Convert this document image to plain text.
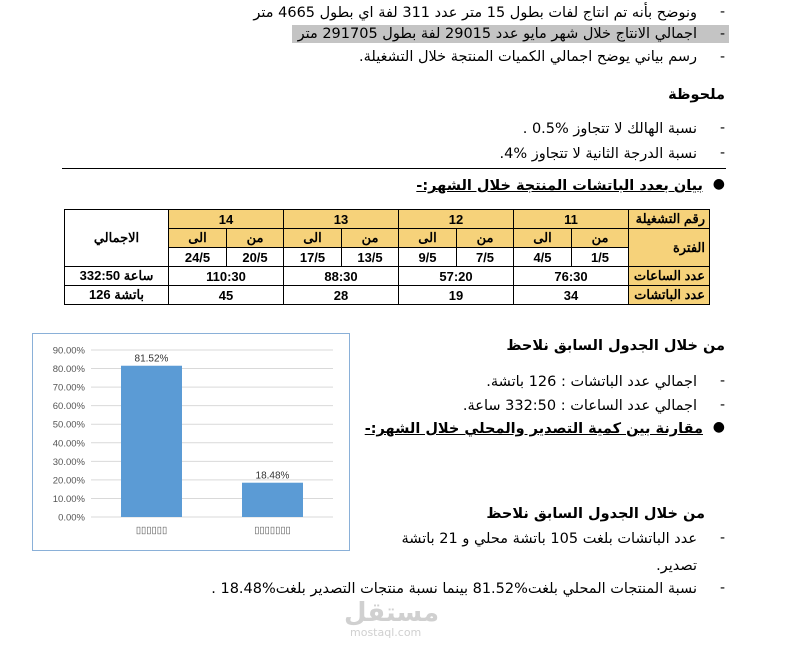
ونوضح بأنه تم انتاج لفات بطول 15 متر عدد 311 لفة اي بطول 4665 متر -
اجمالي الانتاج خلال شهر مايو عدد 29015 لفة بطول 291705 متر	-
رسم بياني يوضح اجمالي الكميات المنتجة خلال التشغيلة. -
ملحوظة
نسبة الهالك لا تتجاوز %0.5 . -
نسبة الدرجة الثانية لا تتجاوز %4. -
بيان بعدد الباتشات المنتجة خلال الشهر:- ●
الاجمالي	14		13		12		11		رقم التشغيلة
	الى	من	الى	من	الى	من	الى	من	الفترة
	24/5	20/5	17/5	13/5	9/5	7/5	4/5	1/5	
332:50 ساعة	110:30		88:30		57:20		76:30		عدد الساعات
126 باتشة	45		28		19		34		عدد الباتشات
0.00%
10.00%
20.00%
30.00%
40.00%
50.00%
60.00%
70.00%
80.00%
90.00%
81.52%
▯▯▯▯▯▯
18.48%
▯▯▯▯▯▯▯
من خلال الجدول السابق نلاحظ
اجمالي عدد الباتشات : 126 باتشة. -
اجمالي عدد الساعات : 332:50 ساعة. -
مقارنة بين كمية التصدير والمحلي خلال الشهر:- ●
من خلال الجدول السابق نلاحظ
عدد الباتشات بلغت 105 باتشة محلي و 21 باتشة -
تصدير.
نسبة المنتجات المحلي بلغت%81.52 بينما نسبة منتجات التصدير بلغت%18.48 . -
مستقل
mostaql.com
